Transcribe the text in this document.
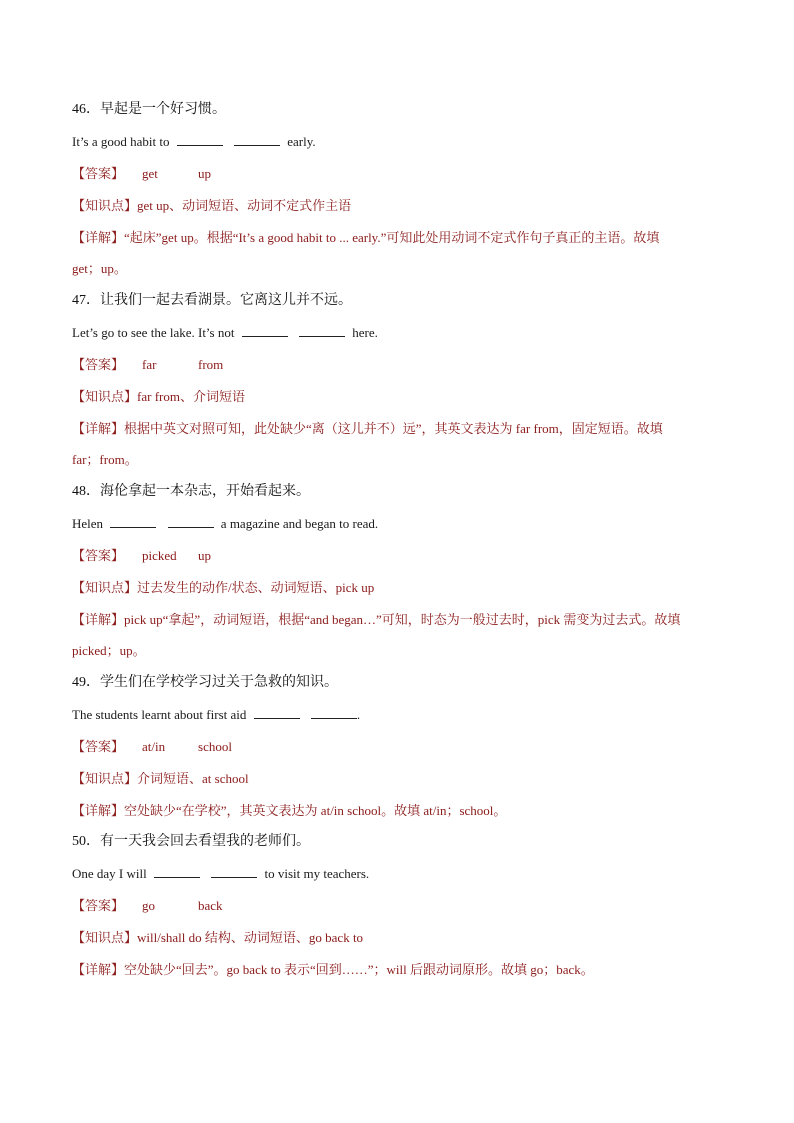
46．早起是一个好习惯。
It’s a good habit to	early.
【答案】 get	up
【知识点】get up、动词短语、动词不定式作主语
【详解】“起床”get up。根据“It’s a good habit to ... early.”可知此处用动词不定式作句子真正的主语。故填
get；up。
47．让我们一起去看湖景。它离这儿并不远。
Let’s go to see the lake. It’s not	here.
【答案】 far	from
【知识点】far from、介词短语
【详解】根据中英文对照可知，此处缺少“离（这儿并不）远”，其英文表达为 far from，固定短语。故填
far；from。
48．海伦拿起一本杂志，开始看起来。
Helen	a magazine and began to read.
【答案】 picked up
【知识点】过去发生的动作/状态、动词短语、pick up
【详解】pick up“拿起”，动词短语，根据“and began…”可知，时态为一般过去时，pick 需变为过去式。故填
picked；up。
49．学生们在学校学习过关于急救的知识。
The students learnt about first aid	.
【答案】 at/in	school
【知识点】介词短语、at school
【详解】空处缺少“在学校”，其英文表达为 at/in school。故填 at/in；school。
50．有一天我会回去看望我的老师们。
One day I will	to visit my teachers.
【答案】 go	back
【知识点】will/shall do 结构、动词短语、go back to
【详解】空处缺少“回去”。go back to 表示“回到……”；will 后跟动词原形。故填 go；back。
